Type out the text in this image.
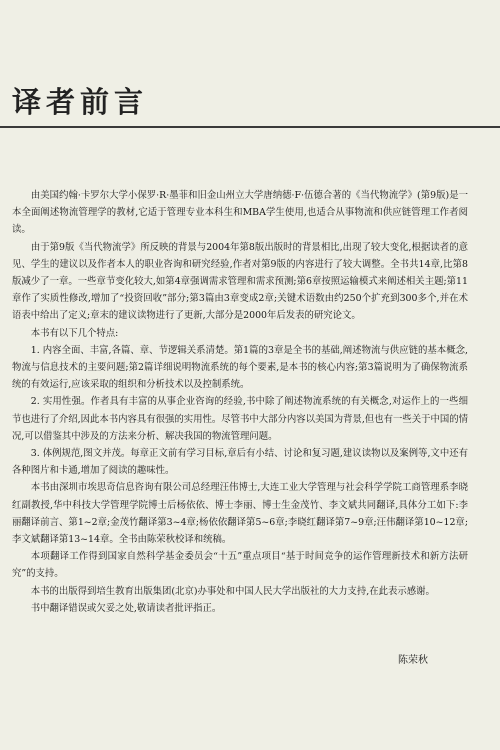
译者前言

由美国约翰·卡罗尔大学小保罗·R·墨菲和旧金山州立大学唐纳德·F·伍德合著的《当代物流学》(第9版)是一本全面阐述物流管理学的教材,它适于管理专业本科生和MBA学生使用,也适合从事物流和供应链管理工作者阅读。

由于第9版《当代物流学》所反映的背景与2004年第8版出版时的背景相比,出现了较大变化,根据读者的意见、学生的建议以及作者本人的职业咨询和研究经验,作者对第9版的内容进行了较大调整。全书共14章,比第8版减少了一章。一些章节变化较大,如第4章强调需求管理和需求预测;第6章按照运输模式来阐述相关主题;第11章作了实质性修改,增加了“投资回收”部分;第3篇由3章变成2章;关键术语数由约250个扩充到300多个,并在术语表中给出了定义;章末的建议读物进行了更新,大部分是2000年后发表的研究论文。

本书有以下几个特点:

1. 内容全面、丰富,各篇、章、节逻辑关系清楚。第1篇的3章是全书的基础,阐述物流与供应链的基本概念,物流与信息技术的主要问题;第2篇详细说明物流系统的每个要素,是本书的核心内容;第3篇说明为了确保物流系统的有效运行,应该采取的组织和分析技术以及控制系统。

2. 实用性强。作者具有丰富的从事企业咨询的经验,书中除了阐述物流系统的有关概念,对运作上的一些细节也进行了介绍,因此本书内容具有很强的实用性。尽管书中大部分内容以美国为背景,但也有一些关于中国的情况,可以借鉴其中涉及的方法来分析、解决我国的物流管理问题。

3. 体例规范,图文并茂。每章正文前有学习目标,章后有小结、讨论和复习题,建议读物以及案例等,文中还有各种图片和卡通,增加了阅读的趣味性。

本书由深圳市埃思奇信息咨询有限公司总经理汪伟博士,大连工业大学管理与社会科学学院工商管理系李晓红副教授,华中科技大学管理学院博士后杨依依、博士李丽、博士生金茂竹、李文斌共同翻译,具体分工如下:李丽翻译前言、第1~2章;金茂竹翻译第3~4章;杨依依翻译第5~6章;李晓红翻译第7~9章;汪伟翻译第10~12章;李文斌翻译第13~14章。全书由陈荣秋校译和统稿。

本项翻译工作得到国家自然科学基金委员会“十五”重点项目“基于时间竞争的运作管理新技术和新方法研究”的支持。

本书的出版得到培生教育出版集团(北京)办事处和中国人民大学出版社的大力支持,在此表示感谢。

书中翻译错误或欠妥之处,敬请读者批评指正。

陈荣秋
